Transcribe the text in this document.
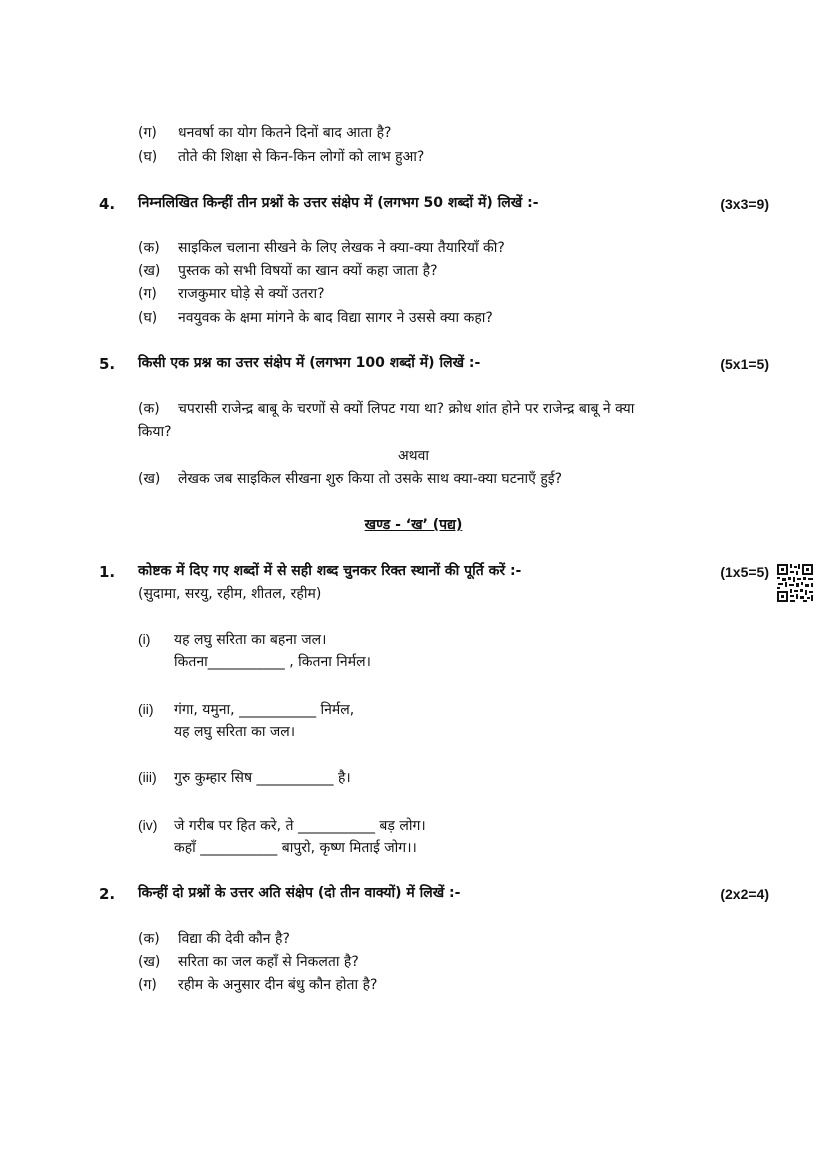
(ग) धनवर्षा का योग कितने दिनों बाद आता है?
(घ) तोते की शिक्षा से किन-किन लोगों को लाभ हुआ?
4. निम्नलिखित किन्हीं तीन प्रश्नों के उत्तर संक्षेप में (लगभग 50 शब्दों में) लिखें :-	(3x3=9)
(क) साइकिल चलाना सीखने के लिए लेखक ने क्या-क्या तैयारियाँ की?
(ख) पुस्तक को सभी विषयों का खान क्यों कहा जाता है?
(ग) राजकुमार घोड़े से क्यों उतरा?
(घ) नवयुवक के क्षमा मांगने के बाद विद्या सागर ने उससे क्या कहा?
5. किसी एक प्रश्न का उत्तर संक्षेप में (लगभग 100 शब्दों में) लिखें :-	(5x1=5)
(क) चपरासी राजेन्द्र बाबू के चरणों से क्यों लिपट गया था? क्रोध शांत होने पर राजेन्द्र बाबू ने क्या
किया?
अथवा
(ख) लेखक जब साइकिल सीखना शुरु किया तो उसके साथ क्या-क्या घटनाएँ हुई?
खण्ड - ‘ख’ (पद्य)
1. कोष्टक में दिए गए शब्दों में से सही शब्द चुनकर रिक्त स्थानों की पूर्ति करें :-	(1x5=5)
(सुदामा, सरयु, रहीम, शीतल, रहीम)
(i) यह लघु सरिता का बहना जल।
कितना___________ , कितना निर्मल।
(ii) गंगा, यमुना, ___________ निर्मल,
यह लघु सरिता का जल।
(iii) गुरु कुम्हार सिष ___________ है।
(iv) जे गरीब पर हित करे, ते ___________ बड़ लोग।
कहाँ ___________ बापुरो, कृष्ण मिताई जोग।।
2. किन्हीं दो प्रश्नों के उत्तर अति संक्षेप (दो तीन वाक्यों) में लिखें :-	(2x2=4)
(क) विद्या की देवी कौन है?
(ख) सरिता का जल कहाँ से निकलता है?
(ग) रहीम के अनुसार दीन बंधु कौन होता है?
